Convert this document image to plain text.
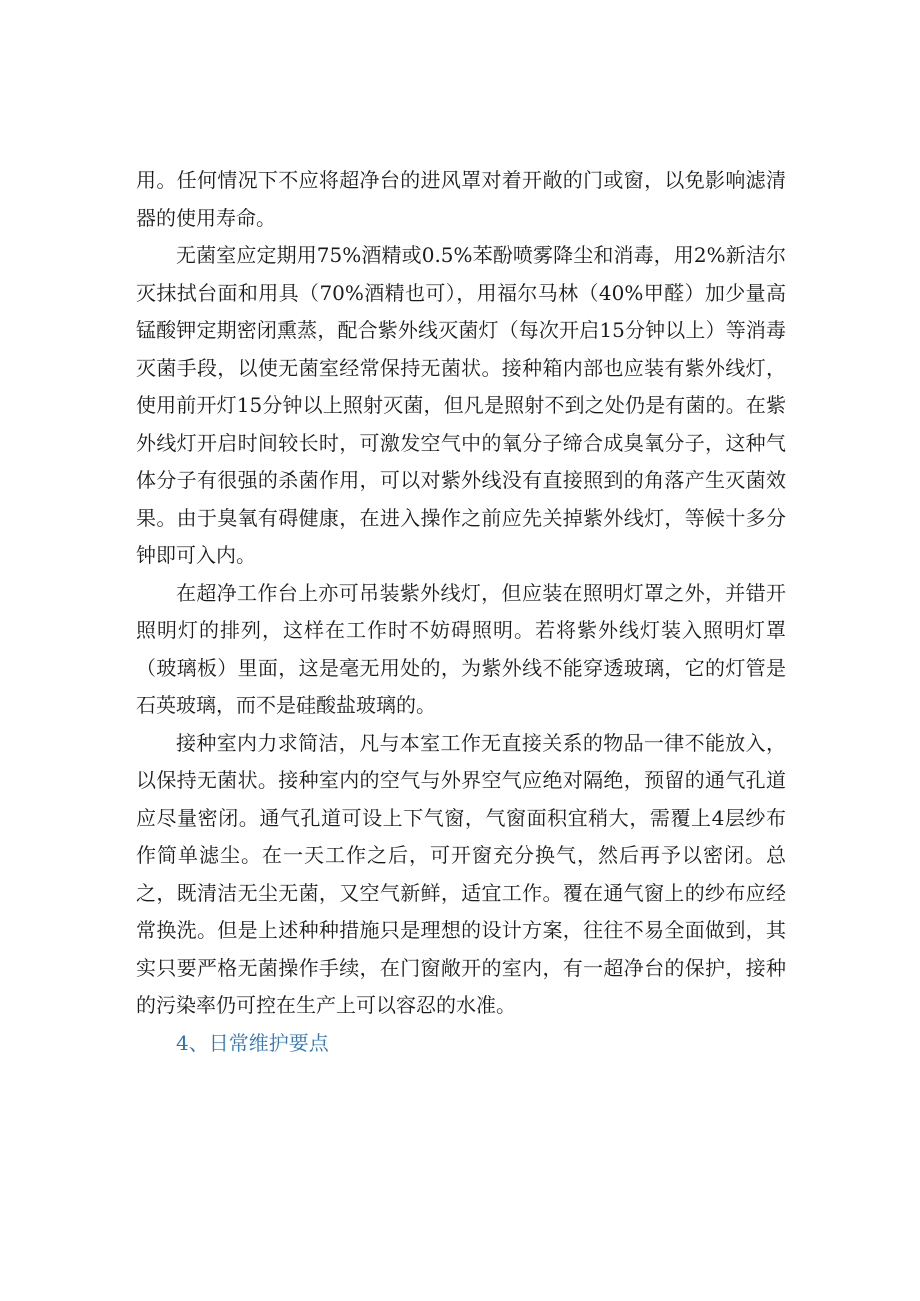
用。任何情况下不应将超净台的进风罩对着开敞的门或窗，以免影响滤清器的使用寿命。

无菌室应定期用75%酒精或0.5%苯酚喷雾降尘和消毒，用2%新洁尔灭抹拭台面和用具（70%酒精也可），用福尔马林（40%甲醛）加少量高锰酸钾定期密闭熏蒸，配合紫外线灭菌灯（每次开启15分钟以上）等消毒灭菌手段，以使无菌室经常保持无菌状。接种箱内部也应装有紫外线灯，使用前开灯15分钟以上照射灭菌，但凡是照射不到之处仍是有菌的。在紫外线灯开启时间较长时，可激发空气中的氧分子缔合成臭氧分子，这种气体分子有很强的杀菌作用，可以对紫外线没有直接照到的角落产生灭菌效果。由于臭氧有碍健康，在进入操作之前应先关掉紫外线灯，等候十多分钟即可入内。

在超净工作台上亦可吊装紫外线灯，但应装在照明灯罩之外，并错开照明灯的排列，这样在工作时不妨碍照明。若将紫外线灯装入照明灯罩（玻璃板）里面，这是毫无用处的，为紫外线不能穿透玻璃，它的灯管是石英玻璃，而不是硅酸盐玻璃的。

接种室内力求简洁，凡与本室工作无直接关系的物品一律不能放入，以保持无菌状。接种室内的空气与外界空气应绝对隔绝，预留的通气孔道应尽量密闭。通气孔道可设上下气窗，气窗面积宜稍大，需覆上4层纱布作简单滤尘。在一天工作之后，可开窗充分换气，然后再予以密闭。总之，既清洁无尘无菌，又空气新鲜，适宜工作。覆在通气窗上的纱布应经常换洗。但是上述种种措施只是理想的设计方案，往往不易全面做到，其实只要严格无菌操作手续，在门窗敞开的室内，有一超净台的保护，接种的污染率仍可控在生产上可以容忍的水准。

4、日常维护要点
